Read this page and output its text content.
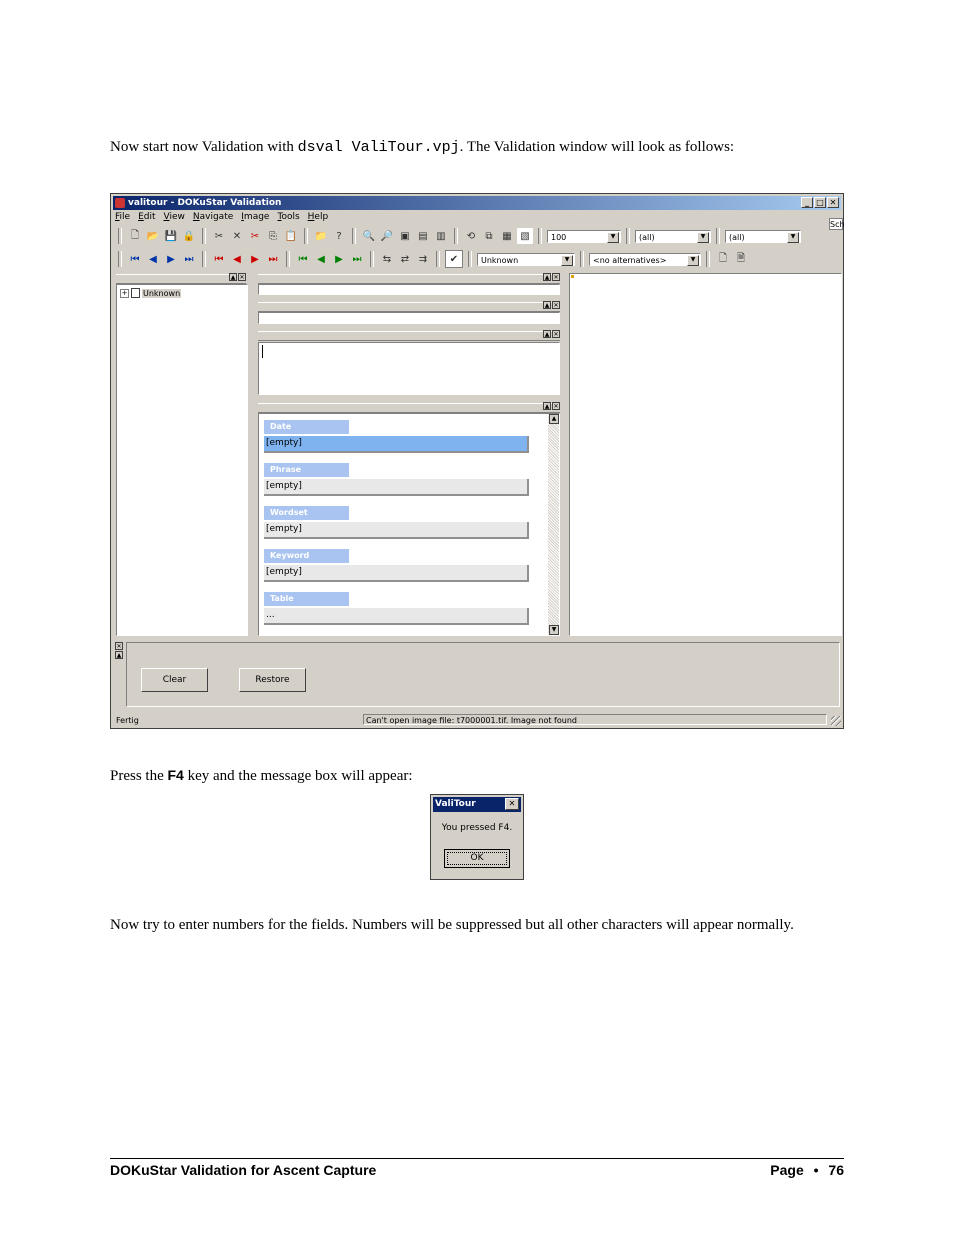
Now start now Validation with dsval ValiTour.vpj. The Validation window will look as follows:
valitour - DOKuStar Validation	_ □ ✕
File Edit View Navigate Image Tools Help
Sch
🗋 📂 💾 🔒	✂ ✕ ✂ ⎘ 📋 📁 ?	🔍 🔎 ▣ ▤ ▥	⟲	⧉ ▦ ▧	100	▼	(all)	▼	(all)	▼
⏮ ◀	▶ ⏭	⏮ ◀	▶ ⏭	⏮ ◀	▶ ⏭	⇆ ⇄ ⇉	✔	Unknown	▼	<no alternatives>	▼	🗋 🗎
▲ ✕
+ Unknown
▲ ✕
▲ ✕
▲ ✕
▲ ✕
Date
[empty]
Phrase
[empty]
Wordset
[empty]
Keyword
[empty]
Table
...
▲
▼
✕
▲
Clear	Restore
Fertig	Can't open image file: t7000001.tif. Image not found
Press the F4 key and the message box will appear:
ValiTour	✕
You pressed F4.
OK
Now try to enter numbers for the fields. Numbers will be suppressed but all other characters will appear normally.
DOKuStar Validation for Ascent Capture	Page • 76
